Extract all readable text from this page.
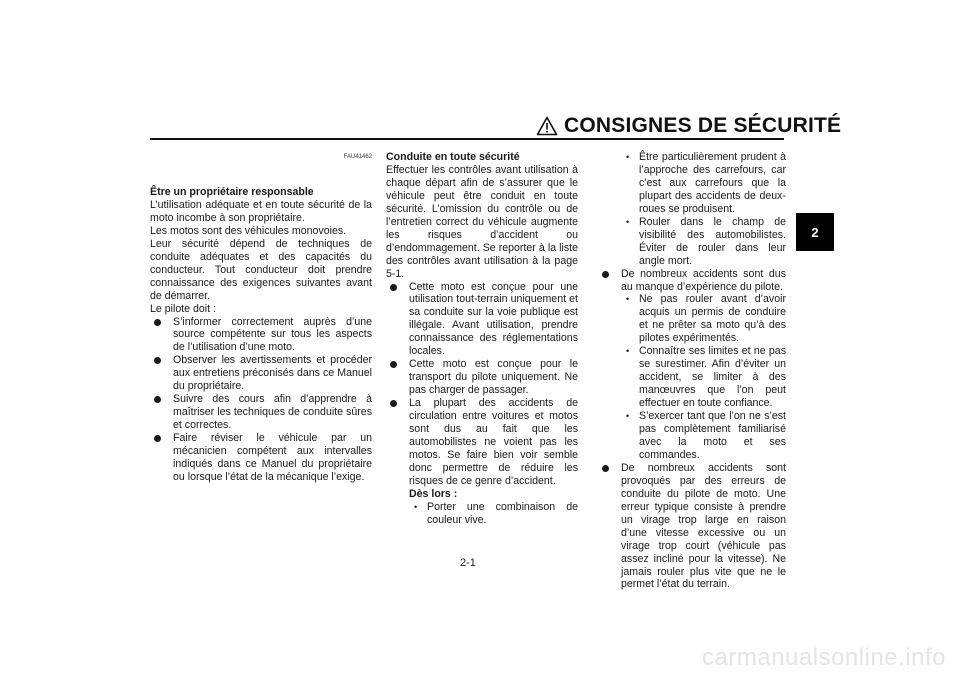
CONSIGNES DE SÉCURITÉ
2
FAU41462

Être un propriétaire responsable

L’utilisation adéquate et en toute sécurité de la moto incombe à son propriétaire.

Les motos sont des véhicules monovoies.

Leur sécurité dépend de techniques de conduite adéquates et des capacités du conducteur. Tout conducteur doit prendre connaissance des exigences suivantes avant de démarrer.

Le pilote doit :

S’informer correctement auprès d’une source compétente sur tous les aspects de l’utilisation d’une moto.
Observer les avertissements et procéder aux entretiens préconisés dans ce Manuel du propriétaire.
Suivre des cours afin d’apprendre à maîtriser les techniques de conduite sûres et correctes.
Faire réviser le véhicule par un mécanicien compétent aux intervalles indiqués dans ce Manuel du propriétaire ou lorsque l’état de la mécanique l’exige.

Conduite en toute sécurité

Effectuer les contrôles avant utilisation à chaque départ afin de s’assurer que le véhicule peut être conduit en toute sécurité. L’omission du contrôle ou de l’entretien correct du véhicule augmente les risques d’accident ou d’endommagement. Se reporter à la liste des contrôles avant utilisation à la page 5-1.

Cette moto est conçue pour une utilisation tout-terrain uniquement et sa conduite sur la voie publique est illégale. Avant utilisation, prendre connaissance des réglementations locales.
Cette moto est conçue pour le transport du pilote uniquement. Ne pas charger de passager.
La plupart des accidents de circulation entre voitures et motos sont dus au fait que les automobilistes ne voient pas les motos. Se faire bien voir semble donc permettre de réduire les risques de ce genre d’accident.

Dès lors :

• Porter une combinaison de couleur vive.
• Être particulièrement prudent à l’approche des carrefours, car c’est aux carrefours que la plupart des accidents de deux-roues se produisent.
• Rouler dans le champ de visibilité des automobilistes. Éviter de rouler dans leur angle mort.
De nombreux accidents sont dus au manque d’expérience du pilote.
• Ne pas rouler avant d’avoir acquis un permis de conduire et ne prêter sa moto qu’à des pilotes expérimentés.
• Connaître ses limites et ne pas se surestimer. Afin d’éviter un accident, se limiter à des manœuvres que l’on peut effectuer en toute confiance.
• S’exercer tant que l’on ne s’est pas complètement familiarisé avec la moto et ses commandes.
De nombreux accidents sont provoqués par des erreurs de conduite du pilote de moto. Une erreur typique consiste à prendre un virage trop large en raison d’une vitesse excessive ou un virage trop court (véhicule pas assez incliné pour la vitesse). Ne jamais rouler plus vite que ne le permet l’état du terrain.
2-1
carmanualsonline.info
